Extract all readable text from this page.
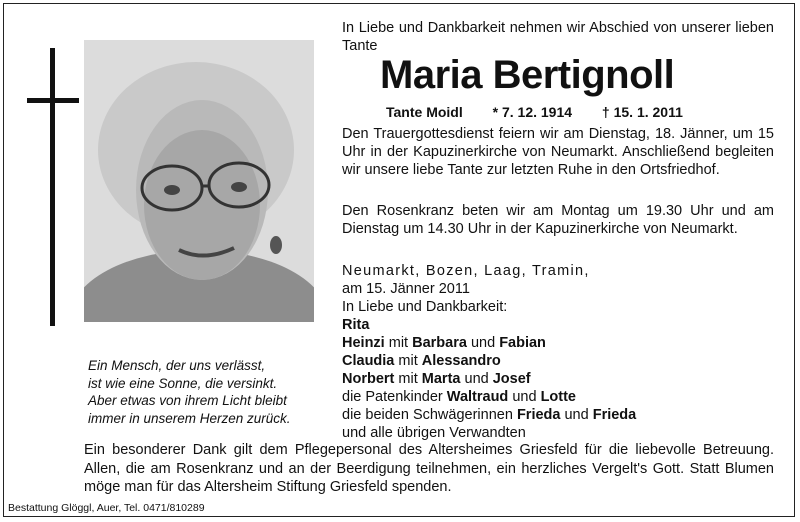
Ein Mensch, der uns verlässt,
ist wie eine Sonne, die versinkt.
Aber etwas von ihrem Licht bleibt
immer in unserem Herzen zurück.
In Liebe und Dankbarkeit nehmen wir Abschied von unserer lieben Tante
Maria Bertignoll
Tante Moidl * 7. 12. 1914 † 15. 1. 2011
Den Trauergottesdienst feiern wir am Dienstag, 18. Jänner, um 15 Uhr in der Kapuzinerkirche von Neumarkt. Anschließend begleiten wir unsere liebe Tante zur letzten Ruhe in den Ortsfriedhof.
Den Rosenkranz beten wir am Montag um 19.30 Uhr und am Dienstag um 14.30 Uhr in der Kapuzinerkirche von Neumarkt.
Neumarkt, Bozen, Laag, Tramin,
am 15. Jänner 2011
In Liebe und Dankbarkeit:
Rita
Heinzi mit Barbara und Fabian
Claudia mit Alessandro
Norbert mit Marta und Josef
die Patenkinder Waltraud und Lotte
die beiden Schwägerinnen Frieda und Frieda
und alle übrigen Verwandten
Ein besonderer Dank gilt dem Pflegepersonal des Altersheimes Griesfeld für die liebevolle Betreuung. Allen, die am Rosenkranz und an der Beerdigung teilnehmen, ein herzliches Vergelt's Gott. Statt Blumen möge man für das Altersheim Stiftung Griesfeld spenden.
Bestattung Glöggl, Auer, Tel. 0471/810289
